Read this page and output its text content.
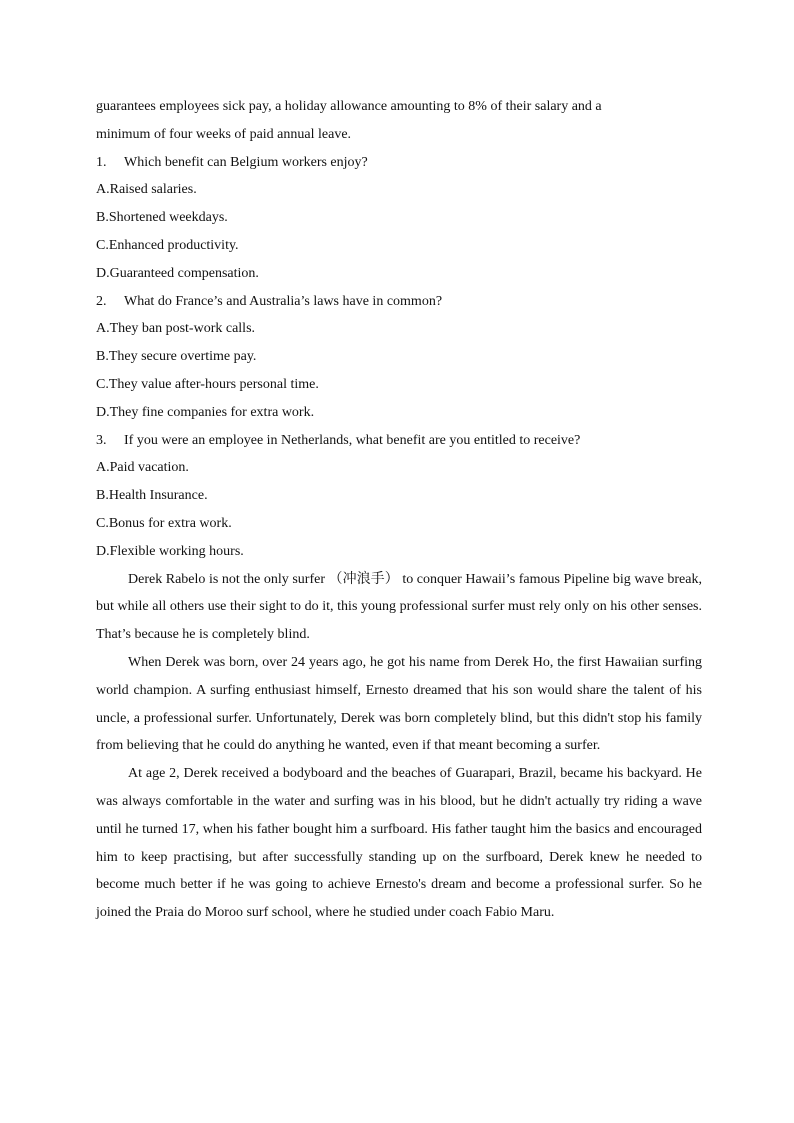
guarantees employees sick pay, a holiday allowance amounting to 8% of their salary and a
minimum of four weeks of paid annual leave.
1. Which benefit can Belgium workers enjoy?
A.Raised salaries.
B.Shortened weekdays.
C.Enhanced productivity.
D.Guaranteed compensation.
2. What do France’s and Australia’s laws have in common?
A.They ban post-work calls.
B.They secure overtime pay.
C.They value after-hours personal time.
D.They fine companies for extra work.
3. If you were an employee in Netherlands, what benefit are you entitled to receive?
A.Paid vacation.
B.Health Insurance.
C.Bonus for extra work.
D.Flexible working hours.
Derek Rabelo is not the only surfer （冲浪手） to conquer Hawaii’s famous Pipeline big wave break, but while all others use their sight to do it, this young professional surfer must rely only on his other senses. That’s because he is completely blind.
When Derek was born, over 24 years ago, he got his name from Derek Ho, the first Hawaiian surfing world champion. A surfing enthusiast himself, Ernesto dreamed that his son would share the talent of his uncle, a professional surfer. Unfortunately, Derek was born completely blind, but this didn't stop his family from believing that he could do anything he wanted, even if that meant becoming a surfer.
At age 2, Derek received a bodyboard and the beaches of Guarapari, Brazil, became his backyard. He was always comfortable in the water and surfing was in his blood, but he didn't actually try riding a wave until he turned 17, when his father bought him a surfboard. His father taught him the basics and encouraged him to keep practising, but after successfully standing up on the surfboard, Derek knew he needed to become much better if he was going to achieve Ernesto's dream and become a professional surfer. So he joined the Praia do Moroo surf school, where he studied under coach Fabio Maru.
